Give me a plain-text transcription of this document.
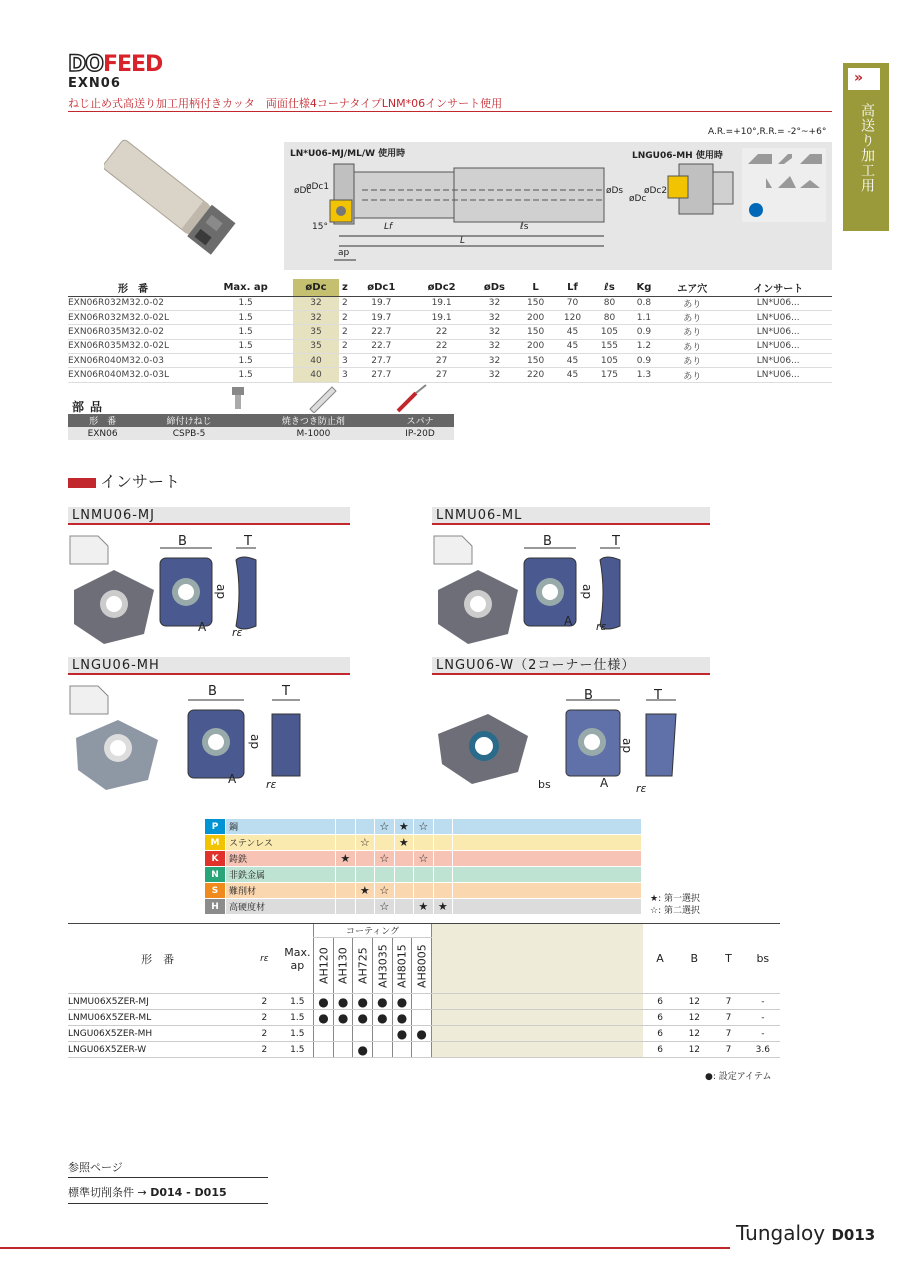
DOFEED
EXN06
ねじ止め式高送り加工用柄付きカッタ　両面仕様4コーナタイプLNM*06インサート使用
»
高送り加工用
A.R.=+10°,R.R.= -2°~+6°
LN*U06-MJ/ML/W 使用時	LNGU06-MH 使用時
øDc
øDc1
15°
ap
Lf
L
ℓs
øDs
øDc
øDc2
形　番	Max. ap	øDc	z	øDc1	øDc2	øDs	L	Lf	ℓs	Kg	エア穴	インサート
EXN06R032M32.0-02	1.5	32	2	19.7	19.1	32	150	70	80	0.8	あり	LN*U06...
EXN06R032M32.0-02L	1.5	32	2	19.7	19.1	32	200	120	80	1.1	あり	LN*U06...
EXN06R035M32.0-02	1.5	35	2	22.7	22	32	150	45	105	0.9	あり	LN*U06...
EXN06R035M32.0-02L	1.5	35	2	22.7	22	32	200	45	155	1.2	あり	LN*U06...
EXN06R040M32.0-03	1.5	40	3	27.7	27	32	150	45	105	0.9	あり	LN*U06...
EXN06R040M32.0-03L	1.5	40	3	27.7	27	32	220	45	175	1.3	あり	LN*U06...
部品
形　番	締付けねじ	焼きつき防止剤	スパナ
EXN06	CSPB-5	M-1000	IP-20D
インサート
LNMU06-MJ	LNMU06-ML
LNGU06-MH	LNGU06-W（2コーナー仕様）
B	T
ap
A rε
B	T
ap
A rε
B	T
ap
A	rε
B	T
ap
A	rε
bs
P	鋼			☆	★	☆		
M	ステンレス		☆		★			
K	鋳鉄	★		☆		☆		
N	非鉄金属							
S	難削材		★	☆				
H	高硬度材			☆		★	★	
★: 第一選択
☆: 第二選択
形　番	rε	Max. ap	コーティング							A	B	T	bs
			AH120	AH130	AH725	AH3035	AH8015	AH8005					
LNMU06X5ZER-MJ	2	1.5	●	●	●	●	●			6	12	7	-
LNMU06X5ZER-ML	2	1.5	●	●	●	●	●			6	12	7	-
LNGU06X5ZER-MH	2	1.5					●	●		6	12	7	-
LNGU06X5ZER-W	2	1.5			●					6	12	7	3.6
●: 設定アイテム
参照ページ
標準切削条件 → D014 - D015
Tungaloy D013
